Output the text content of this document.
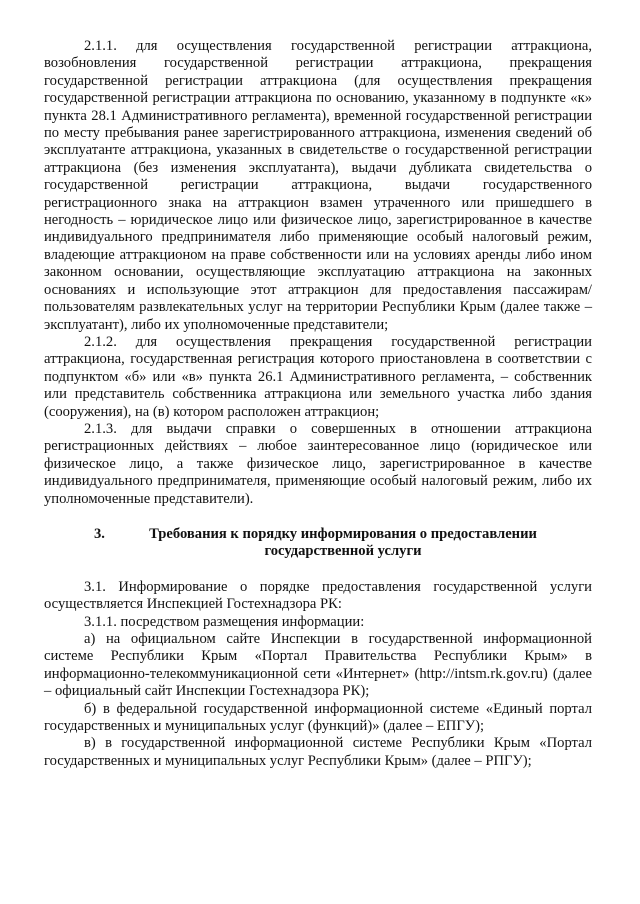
2.1.1. для осуществления государственной регистрации аттракциона, возобновления государственной регистрации аттракциона, прекращения государственной регистрации аттракциона (для осуществления прекращения государственной регистрации аттракциона по основанию, указанному в подпункте «к» пункта 28.1 Административного регламента), временной государственной регистрации по месту пребывания ранее зарегистрированного аттракциона, изменения сведений об эксплуатанте аттракциона, указанных в свидетельстве о государственной регистрации аттракциона (без изменения эксплуатанта), выдачи дубликата свидетельства о государственной регистрации аттракциона, выдачи государственного регистрационного знака на аттракцион взамен утраченного или пришедшего в негодность – юридическое лицо или физическое лицо, зарегистрированное в качестве индивидуального предпринимателя либо применяющие особый налоговый режим, владеющие аттракционом на праве собственности или на условиях аренды либо ином законном основании, осуществляющие эксплуатацию аттракциона на законных основаниях и использующие этот аттракцион для предоставления пассажирам/пользователям развлекательных услуг на территории Республики Крым (далее также – эксплуатант), либо их уполномоченные представители;

2.1.2. для осуществления прекращения государственной регистрации аттракциона, государственная регистрация которого приостановлена в соответствии с подпунктом «б» или «в» пункта 26.1 Административного регламента, – собственник или представитель собственника аттракциона или земельного участка либо здания (сооружения), на (в) котором расположен аттракцион;

2.1.3. для выдачи справки о совершенных в отношении аттракциона регистрационных действиях – любое заинтересованное лицо (юридическое или физическое лицо, а также физическое лицо, зарегистрированное в качестве индивидуального предпринимателя, применяющие особый налоговый режим, либо их уполномоченные представители).

3.	Требования к порядку информирования о предоставлении государственной услуги

3.1. Информирование о порядке предоставления государственной услуги осуществляется Инспекцией Гостехнадзора РК:

3.1.1. посредством размещения информации:

а) на официальном сайте Инспекции в государственной информационной системе Республики Крым «Портал Правительства Республики Крым» в информационно-телекоммуникационной сети «Интернет» (http://intsm.rk.gov.ru) (далее – официальный сайт Инспекции Гостехнадзора РК);

б) в федеральной государственной информационной системе «Единый портал государственных и муниципальных услуг (функций)» (далее – ЕПГУ);

в) в государственной информационной системе Республики Крым «Портал государственных и муниципальных услуг Республики Крым» (далее – РПГУ);
